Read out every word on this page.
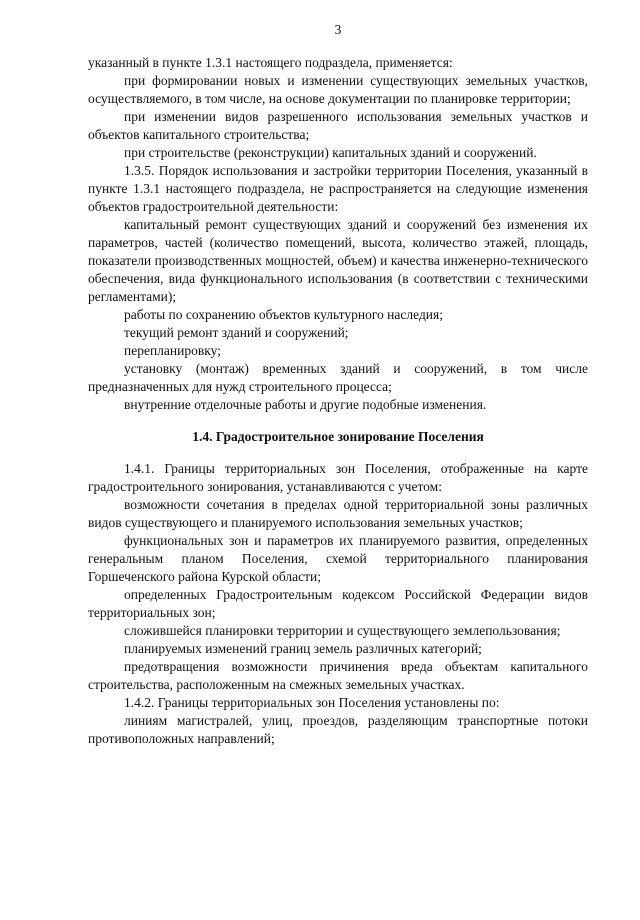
3

указанный в пункте 1.3.1 настоящего подраздела, применяется:

при формировании новых и изменении существующих земельных участков, осуществляемого, в том числе, на основе документации по планировке территории;

при изменении видов разрешенного использования земельных участков и объектов капитального строительства;

при строительстве (реконструкции) капитальных зданий и сооружений.

1.3.5. Порядок использования и застройки территории Поселения, указанный в пункте 1.3.1 настоящего подраздела, не распространяется на следующие изменения объектов градостроительной деятельности:

капитальный ремонт существующих зданий и сооружений без изменения их параметров, частей (количество помещений, высота, количество этажей, площадь, показатели производственных мощностей, объем) и качества инженерно-технического обеспечения, вида функционального использования (в соответствии с техническими регламентами);

работы по сохранению объектов культурного наследия;

текущий ремонт зданий и сооружений;

перепланировку;

установку (монтаж) временных зданий и сооружений, в том числе предназначенных для нужд строительного процесса;

внутренние отделочные работы и другие подобные изменения.

1.4. Градостроительное зонирование Поселения

1.4.1. Границы территориальных зон Поселения, отображенные на карте градостроительного зонирования, устанавливаются с учетом:

возможности сочетания в пределах одной территориальной зоны различных видов существующего и планируемого использования земельных участков;

функциональных зон и параметров их планируемого развития, определенных генеральным планом Поселения, схемой территориального планирования Горшеченского района Курской области;

определенных Градостроительным кодексом Российской Федерации видов территориальных зон;

сложившейся планировки территории и существующего землепользования;

планируемых изменений границ земель различных категорий;

предотвращения возможности причинения вреда объектам капитального строительства, расположенным на смежных земельных участках.

1.4.2. Границы территориальных зон Поселения установлены по:

линиям магистралей, улиц, проездов, разделяющим транспортные потоки противоположных направлений;
